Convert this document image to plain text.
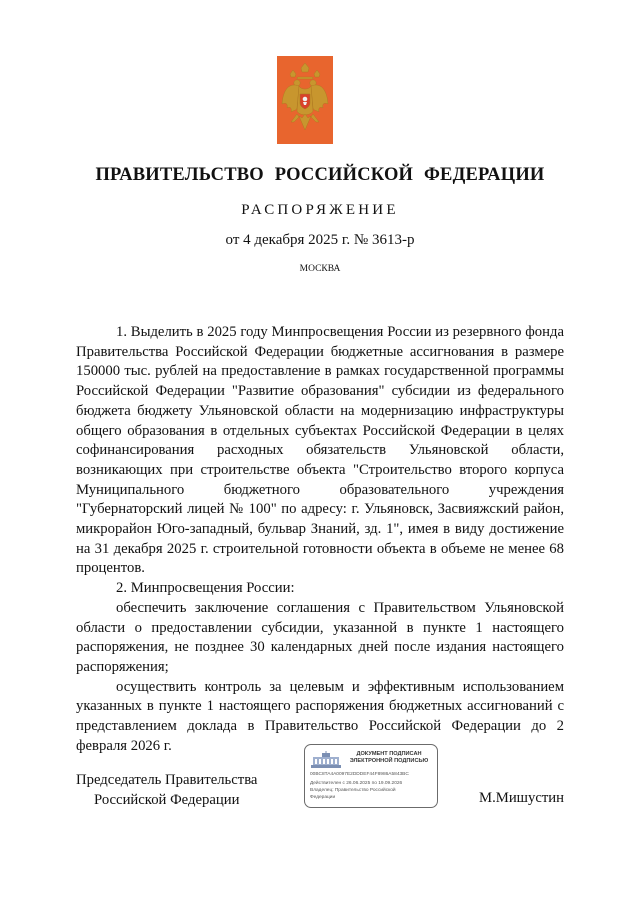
ПРАВИТЕЛЬСТВО РОССИЙСКОЙ ФЕДЕРАЦИИ
РАСПОРЯЖЕНИЕ
от 4 декабря 2025 г. № 3613-р
МОСКВА

1. Выделить в 2025 году Минпросвещения России из резервного фонда Правительства Российской Федерации бюджетные ассигнования в размере 150000 тыс. рублей на предоставление в рамках государственной программы Российской Федерации "Развитие образования" субсидии из федерального бюджета бюджету Ульяновской области на модернизацию инфраструктуры общего образования в отдельных субъектах Российской Федерации в целях софинансирования расходных обязательств Ульяновской области, возникающих при строительстве объекта "Строительство второго корпуса Муниципального бюджетного образовательного учреждения "Губернаторский лицей № 100" по адресу: г. Ульяновск, Засвияжский район, микрорайон Юго-западный, бульвар Знаний, зд. 1", имея в виду достижение на 31 декабря 2025 г. строительной готовности объекта в объеме не менее 68 процентов.

2. Минпросвещения России:

обеспечить заключение соглашения с Правительством Ульяновской области о предоставлении субсидии, указанной в пункте 1 настоящего распоряжения, не позднее 30 календарных дней после издания настоящего распоряжения;

осуществить контроль за целевым и эффективным использованием указанных в пункте 1 настоящего распоряжения бюджетных ассигнований с представлением доклада в Правительство Российской Федерации до 2 февраля 2026 г.

Председатель Правительства
Российской Федерации
ДОКУМЕНТ ПОДПИСАН
ЭЛЕКТРОННОЙ ПОДПИСЬЮ
00BC8TA4A0097E2DDDEF44F8986A5843BC
Действителен с 26.06.2025 по 19.09.2026
Владелец: Правительство Российской
Федерации	М.Мишустин
